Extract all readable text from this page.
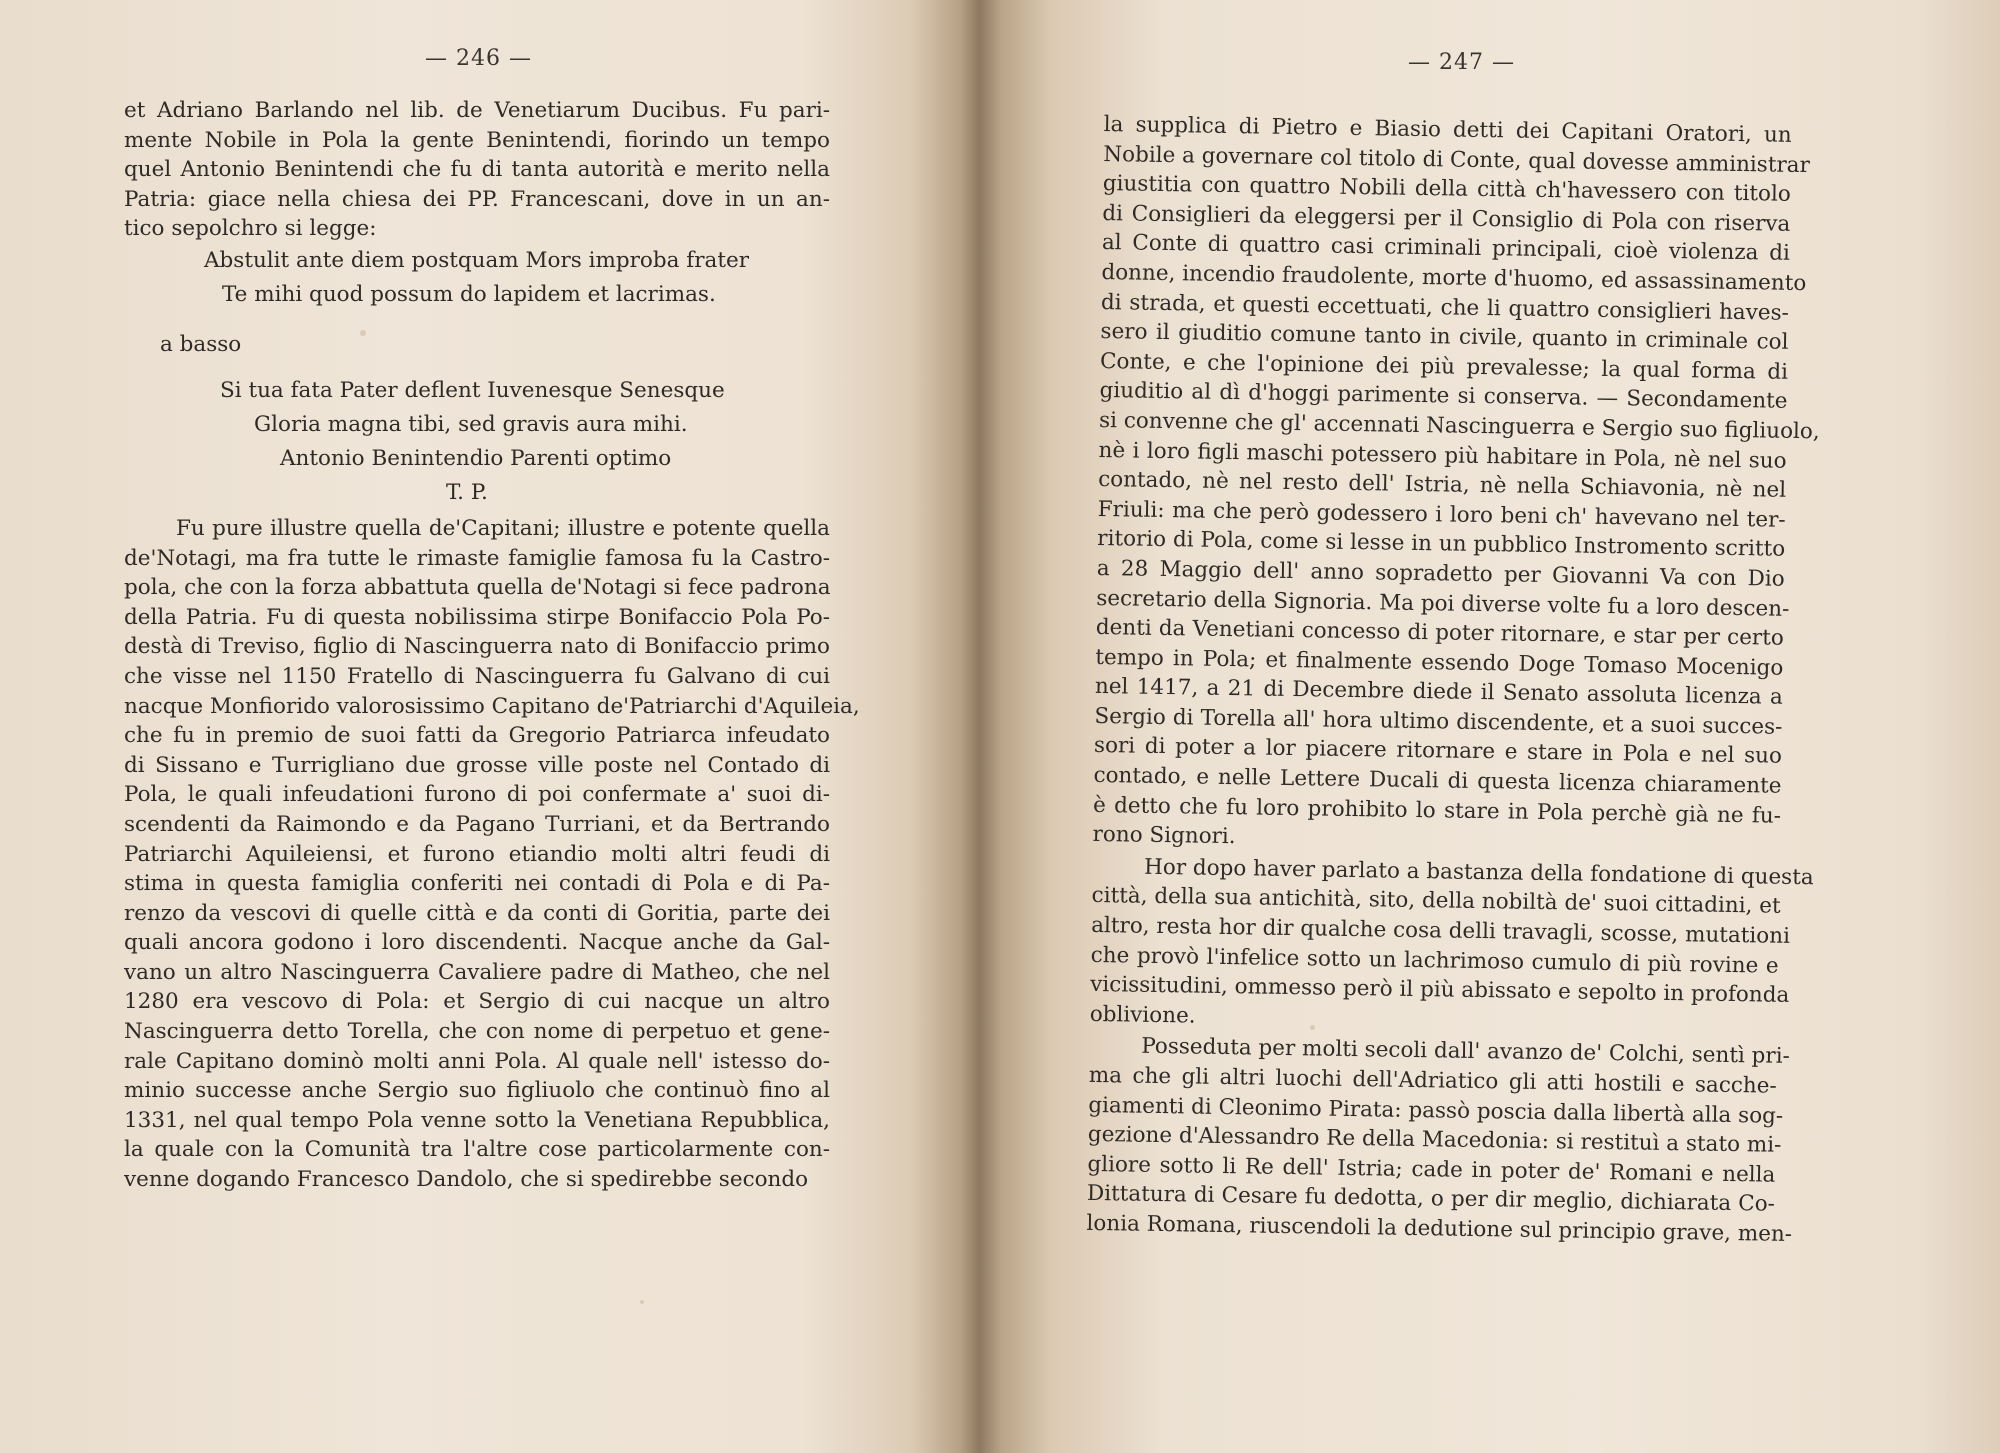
— 246 —
et Adriano Barlando nel lib. de Venetiarum Ducibus. Fu pari-
mente Nobile in Pola la gente Benintendi, fiorindo un tempo
quel Antonio Benintendi che fu di tanta autorità e merito nella
Patria: giace nella chiesa dei PP. Francescani, dove in un an-
tico sepolchro si legge:
Abstulit ante diem postquam Mors improba frater
Te mihi quod possum do lapidem et lacrimas.
a basso
Si tua fata Pater deflent Iuvenesque Senesque
Gloria magna tibi, sed gravis aura mihi.
Antonio Benintendio Parenti optimo
T. P.
Fu pure illustre quella de'Capitani; illustre e potente quella
de'Notagi, ma fra tutte le rimaste famiglie famosa fu la Castro-
pola, che con la forza abbattuta quella de'Notagi si fece padrona
della Patria. Fu di questa nobilissima stirpe Bonifaccio Pola Po-
destà di Treviso, figlio di Nascinguerra nato di Bonifaccio primo
che visse nel 1150 Fratello di Nascinguerra fu Galvano di cui
nacque Monfiorido valorosissimo Capitano de'Patriarchi d'Aquileia,
che fu in premio de suoi fatti da Gregorio Patriarca infeudato
di Sissano e Turrigliano due grosse ville poste nel Contado di
Pola, le quali infeudationi furono di poi confermate a' suoi di-
scendenti da Raimondo e da Pagano Turriani, et da Bertrando
Patriarchi Aquileiensi, et furono etiandio molti altri feudi di
stima in questa famiglia conferiti nei contadi di Pola e di Pa-
renzo da vescovi di quelle città e da conti di Goritia, parte dei
quali ancora godono i loro discendenti. Nacque anche da Gal-
vano un altro Nascinguerra Cavaliere padre di Matheo, che nel
1280 era vescovo di Pola: et Sergio di cui nacque un altro
Nascinguerra detto Torella, che con nome di perpetuo et gene-
rale Capitano dominò molti anni Pola. Al quale nell' istesso do-
minio successe anche Sergio suo figliuolo che continuò fino al
1331, nel qual tempo Pola venne sotto la Venetiana Repubblica,
la quale con la Comunità tra l'altre cose particolarmente con-
venne dogando Francesco Dandolo, che si spedirebbe secondo
— 247 —
la supplica di Pietro e Biasio detti dei Capitani Oratori, un
Nobile a governare col titolo di Conte, qual dovesse amministrar
giustitia con quattro Nobili della città ch'havessero con titolo
di Consiglieri da eleggersi per il Consiglio di Pola con riserva
al Conte di quattro casi criminali principali, cioè violenza di
donne, incendio fraudolente, morte d'huomo, ed assassinamento
di strada, et questi eccettuati, che li quattro consiglieri haves-
sero il giuditio comune tanto in civile, quanto in criminale col
Conte, e che l'opinione dei più prevalesse; la qual forma di
giuditio al dì d'hoggi parimente si conserva. — Secondamente
si convenne che gl' accennati Nascinguerra e Sergio suo figliuolo,
nè i loro figli maschi potessero più habitare in Pola, nè nel suo
contado, nè nel resto dell' Istria, nè nella Schiavonia, nè nel
Friuli: ma che però godessero i loro beni ch' havevano nel ter-
ritorio di Pola, come si lesse in un pubblico Instromento scritto
a 28 Maggio dell' anno sopradetto per Giovanni Va con Dio
secretario della Signoria. Ma poi diverse volte fu a loro descen-
denti da Venetiani concesso di poter ritornare, e star per certo
tempo in Pola; et finalmente essendo Doge Tomaso Mocenigo
nel 1417, a 21 di Decembre diede il Senato assoluta licenza a
Sergio di Torella all' hora ultimo discendente, et a suoi succes-
sori di poter a lor piacere ritornare e stare in Pola e nel suo
contado, e nelle Lettere Ducali di questa licenza chiaramente
è detto che fu loro prohibito lo stare in Pola perchè già ne fu-
rono Signori.
Hor dopo haver parlato a bastanza della fondatione di questa
città, della sua antichità, sito, della nobiltà de' suoi cittadini, et
altro, resta hor dir qualche cosa delli travagli, scosse, mutationi
che provò l'infelice sotto un lachrimoso cumulo di più rovine e
vicissitudini, ommesso però il più abissato e sepolto in profonda
oblivione.
Posseduta per molti secoli dall' avanzo de' Colchi, sentì pri-
ma che gli altri luochi dell'Adriatico gli atti hostili e sacche-
giamenti di Cleonimo Pirata: passò poscia dalla libertà alla sog-
gezione d'Alessandro Re della Macedonia: si restituì a stato mi-
gliore sotto li Re dell' Istria; cade in poter de' Romani e nella
Dittatura di Cesare fu dedotta, o per dir meglio, dichiarata Co-
lonia Romana, riuscendoli la dedutione sul principio grave, men-
